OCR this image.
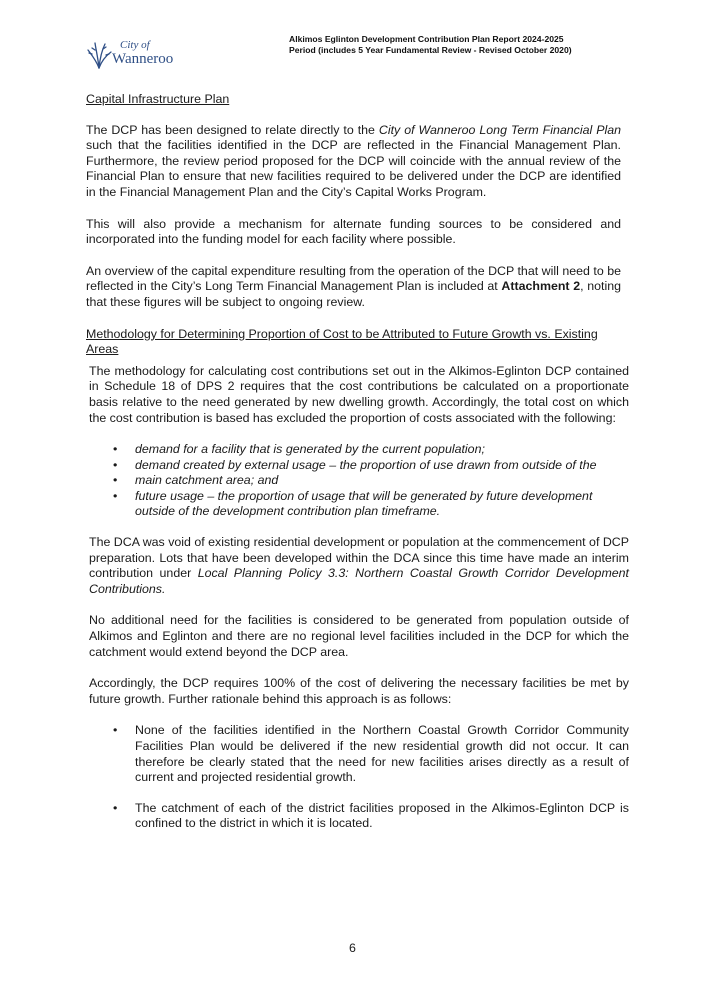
City of
Wanneroo
Alkimos Eglinton Development Contribution Plan Report 2024-2025
Period (includes 5 Year Fundamental Review - Revised October 2020)
Capital Infrastructure Plan

The DCP has been designed to relate directly to the City of Wanneroo Long Term Financial Plan such that the facilities identified in the DCP are reflected in the Financial Management Plan. Furthermore, the review period proposed for the DCP will coincide with the annual review of the Financial Plan to ensure that new facilities required to be delivered under the DCP are identified in the Financial Management Plan and the City’s Capital Works Program.

This will also provide a mechanism for alternate funding sources to be considered and incorporated into the funding model for each facility where possible.

An overview of the capital expenditure resulting from the operation of the DCP that will need to be reflected in the City’s Long Term Financial Management Plan is included at Attachment 2, noting that these figures will be subject to ongoing review.

Methodology for Determining Proportion of Cost to be Attributed to Future Growth vs. Existing Areas

The methodology for calculating cost contributions set out in the Alkimos-Eglinton DCP contained in Schedule 18 of DPS 2 requires that the cost contributions be calculated on a proportionate basis relative to the need generated by new dwelling growth. Accordingly, the total cost on which the cost contribution is based has excluded the proportion of costs associated with the following:

• demand for a facility that is generated by the current population;
• demand created by external usage – the proportion of use drawn from outside of the
• main catchment area; and
• future usage – the proportion of usage that will be generated by future development outside of the development contribution plan timeframe.

The DCA was void of existing residential development or population at the commencement of DCP preparation. Lots that have been developed within the DCA since this time have made an interim contribution under Local Planning Policy 3.3: Northern Coastal Growth Corridor Development Contributions.

No additional need for the facilities is considered to be generated from population outside of Alkimos and Eglinton and there are no regional level facilities included in the DCP for which the catchment would extend beyond the DCP area.

Accordingly, the DCP requires 100% of the cost of delivering the necessary facilities be met by future growth. Further rationale behind this approach is as follows:

• None of the facilities identified in the Northern Coastal Growth Corridor Community Facilities Plan would be delivered if the new residential growth did not occur. It can therefore be clearly stated that the need for new facilities arises directly as a result of current and projected residential growth.
• The catchment of each of the district facilities proposed in the Alkimos-Eglinton DCP is confined to the district in which it is located.
6
